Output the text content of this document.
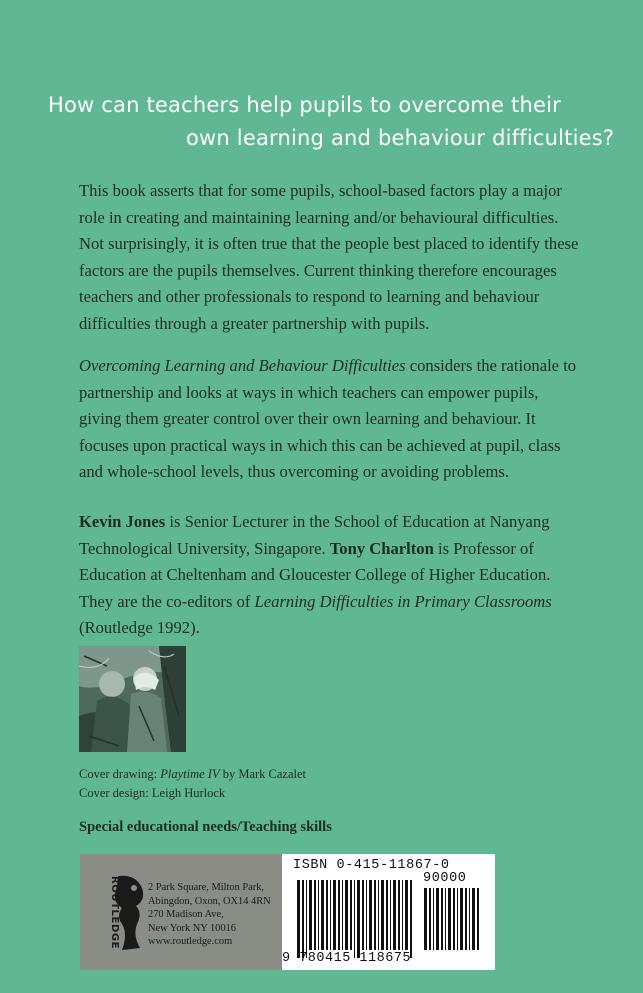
How can teachers help pupils to overcome their
own learning and behaviour difficulties?

This book asserts that for some pupils, school-based factors play a major role in creating and maintaining learning and/or behavioural difficulties. Not surprisingly, it is often true that the people best placed to identify these factors are the pupils themselves. Current thinking therefore encourages teachers and other professionals to respond to learning and behaviour difficulties through a greater partnership with pupils.

Overcoming Learning and Behaviour Difficulties considers the rationale to partnership and looks at ways in which teachers can empower pupils, giving them greater control over their own learning and behaviour. It focuses upon practical ways in which this can be achieved at pupil, class and whole-school levels, thus overcoming or avoiding problems.

Kevin Jones is Senior Lecturer in the School of Education at Nanyang Technological University, Singapore. Tony Charlton is Professor of Education at Cheltenham and Gloucester College of Higher Education. They are the co-editors of Learning Difficulties in Primary Classrooms (Routledge 1992).

Cover drawing: Playtime IV by Mark Cazalet
Cover design: Leigh Hurlock
Special educational needs/Teaching skills
ROUTLEDGE	2 Park Square, Milton Park,
Abingdon, Oxon, OX14 4RN
270 Madison Ave,
New York NY 10016
www.routledge.com

ISBN 0-415-11867-0
90000
9 780415 118675
